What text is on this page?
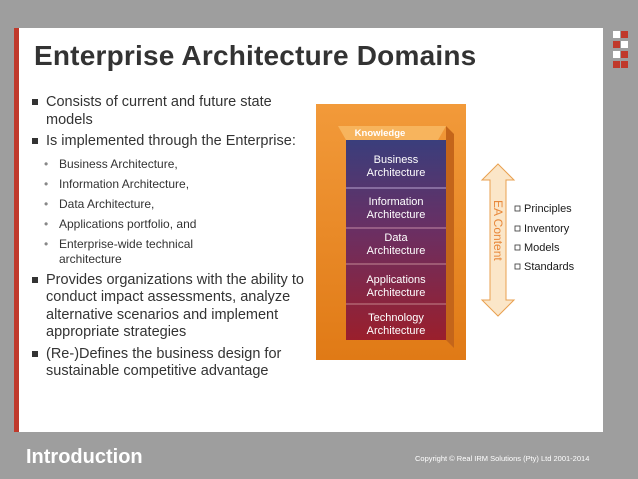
Enterprise Architecture Domains
Consists of current and future state models
Is implemented through the Enterprise:
• Business Architecture,
• Information Architecture,
• Data Architecture,
• Applications portfolio, and
• Enterprise-wide technical architecture
Provides organizations with the ability to conduct impact assessments, analyze alternative scenarios and implement appropriate strategies
(Re-)Defines the business design for sustainable competitive advantage
Knowledge
Business
Architecture
Information
Architecture
Data
Architecture
Applications
Architecture
Technology
Architecture
EA Content Principles
Inventory
Models
Standards
Introduction	Copyright © Real IRM Solutions (Pty) Ltd 2001-2014
